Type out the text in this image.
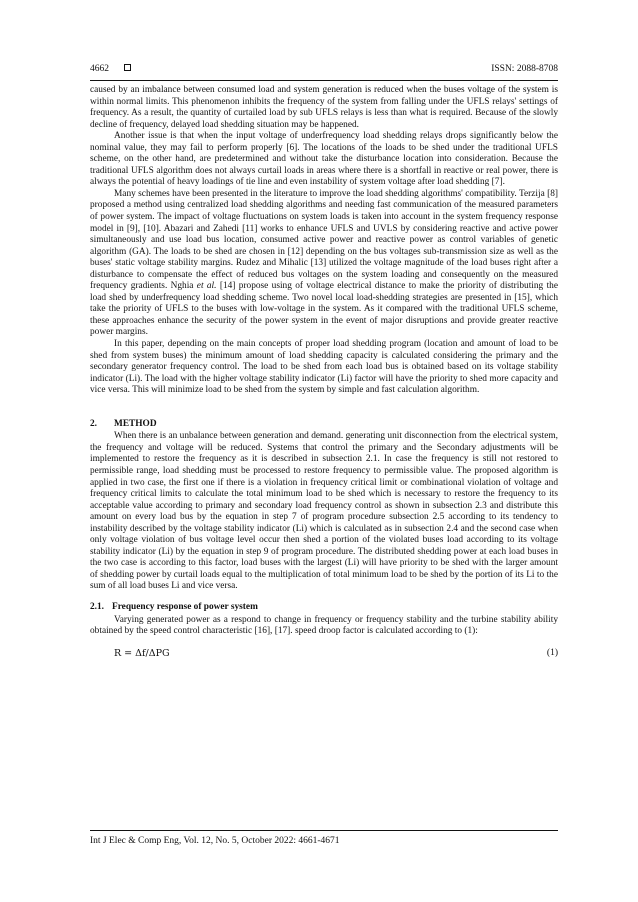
4662	ISSN: 2088-8708

caused by an imbalance between consumed load and system generation is reduced when the buses voltage of the system is within normal limits. This phenomenon inhibits the frequency of the system from falling under the UFLS relays' settings of frequency. As a result, the quantity of curtailed load by sub UFLS relays is less than what is required. Because of the slowly decline of frequency, delayed load shedding situation may be happened.

Another issue is that when the input voltage of underfrequency load shedding relays drops significantly below the nominal value, they may fail to perform properly [6]. The locations of the loads to be shed under the traditional UFLS scheme, on the other hand, are predetermined and without take the disturbance location into consideration. Because the traditional UFLS algorithm does not always curtail loads in areas where there is a shortfall in reactive or real power, there is always the potential of heavy loadings of tie line and even instability of system voltage after load shedding [7].

Many schemes have been presented in the literature to improve the load shedding algorithms' compatibility. Terzija [8] proposed a method using centralized load shedding algorithms and needing fast communication of the measured parameters of power system. The impact of voltage fluctuations on system loads is taken into account in the system frequency response model in [9], [10]. Abazari and Zahedi [11] works to enhance UFLS and UVLS by considering reactive and active power simultaneously and use load bus location, consumed active power and reactive power as control variables of genetic algorithm (GA). The loads to be shed are chosen in [12] depending on the bus voltages sub-transmission size as well as the buses' static voltage stability margins. Rudez and Mihalic [13] utilized the voltage magnitude of the load buses right after a disturbance to compensate the effect of reduced bus voltages on the system loading and consequently on the measured frequency gradients. Nghia et al. [14] propose using of voltage electrical distance to make the priority of distributing the load shed by underfrequency load shedding scheme. Two novel local load-shedding strategies are presented in [15], which take the priority of UFLS to the buses with low-voltage in the system. As it compared with the traditional UFLS scheme, these approaches enhance the security of the power system in the event of major disruptions and provide greater reactive power margins.

In this paper, depending on the main concepts of proper load shedding program (location and amount of load to be shed from system buses) the minimum amount of load shedding capacity is calculated considering the primary and the secondary generator frequency control. The load to be shed from each load bus is obtained based on its voltage stability indicator (Li). The load with the higher voltage stability indicator (Li) factor will have the priority to shed more capacity and vice versa. This will minimize load to be shed from the system by simple and fast calculation algorithm.

2. METHOD

When there is an unbalance between generation and demand. generating unit disconnection from the electrical system, the frequency and voltage will be reduced. Systems that control the primary and the Secondary adjustments will be implemented to restore the frequency as it is described in subsection 2.1. In case the frequency is still not restored to permissible range, load shedding must be processed to restore frequency to permissible value. The proposed algorithm is applied in two case, the first one if there is a violation in frequency critical limit or combinational violation of voltage and frequency critical limits to calculate the total minimum load to be shed which is necessary to restore the frequency to its acceptable value according to primary and secondary load frequency control as shown in subsection 2.3 and distribute this amount on every load bus by the equation in step 7 of program procedure subsection 2.5 according to its tendency to instability described by the voltage stability indicator (Li) which is calculated as in subsection 2.4 and the second case when only voltage violation of bus voltage level occur then shed a portion of the violated buses load according to its voltage stability indicator (Li) by the equation in step 9 of program procedure. The distributed shedding power at each load buses in the two case is according to this factor, load buses with the largest (Li) will have priority to be shed with the larger amount of shedding power by curtail loads equal to the multiplication of total minimum load to be shed by the portion of its Li to the sum of all load buses Li and vice versa.

2.1. Frequency response of power system

Varying generated power as a respond to change in frequency or frequency stability and the turbine stability ability obtained by the speed control characteristic [16], [17]. speed droop factor is calculated according to (1):

R = Δf/ΔPG	(1)

Int J Elec & Comp Eng, Vol. 12, No. 5, October 2022: 4661-4671
